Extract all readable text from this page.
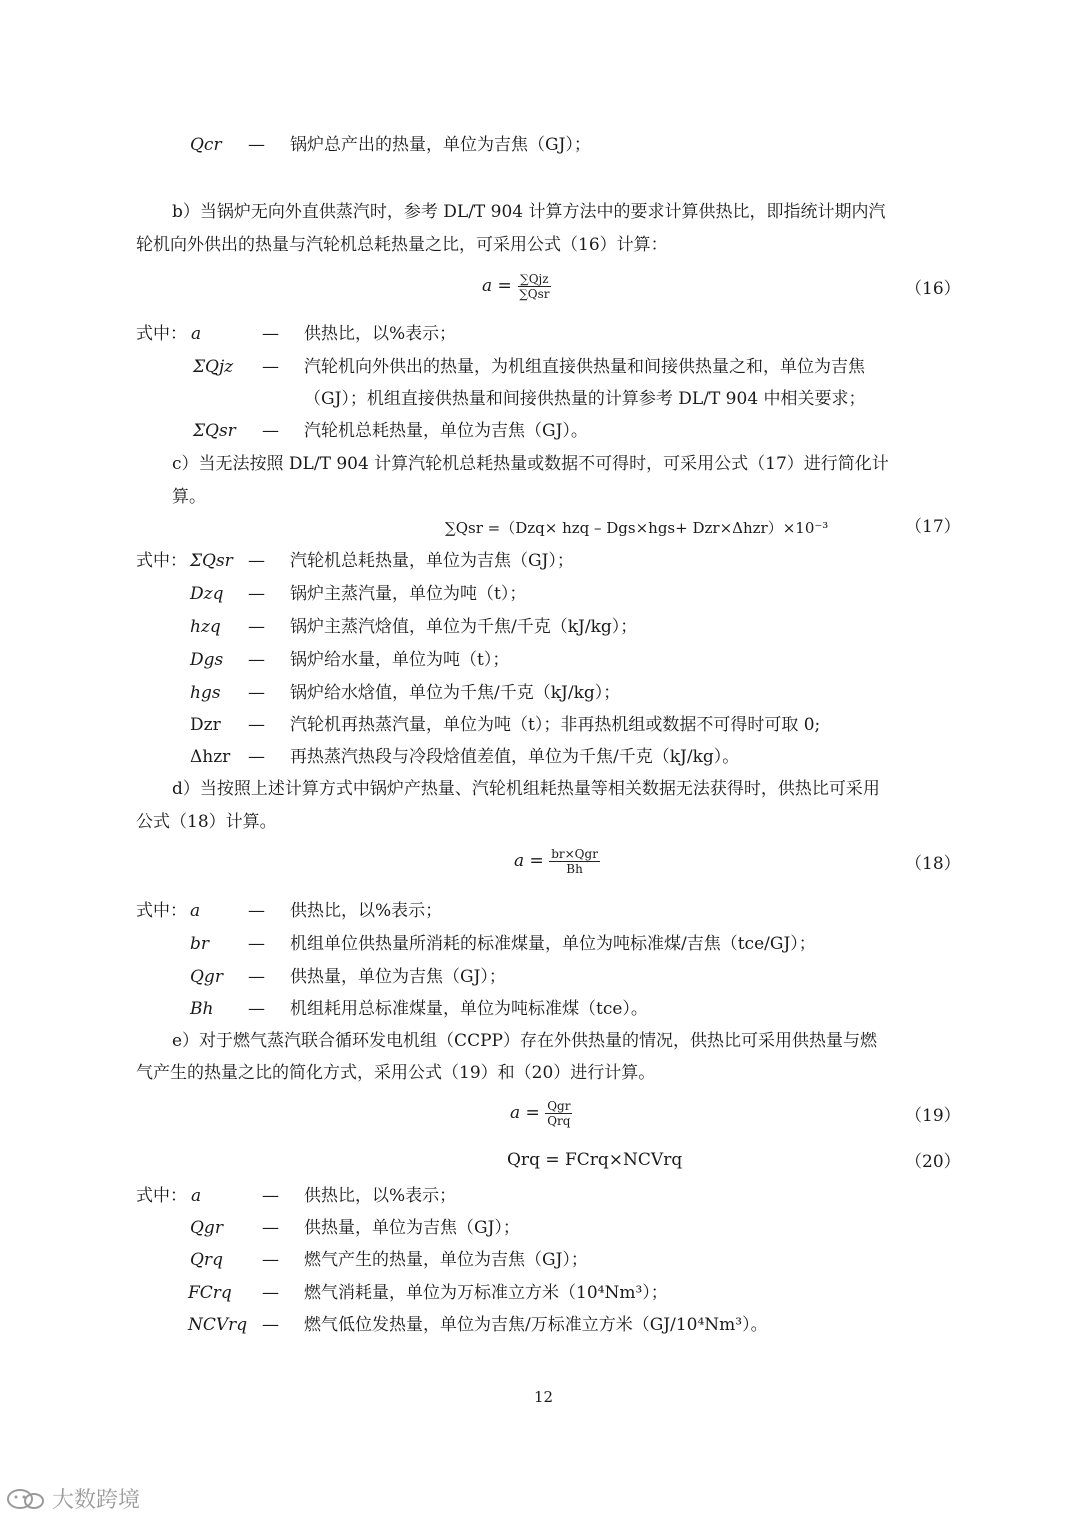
Qcr — 锅炉总产出的热量，单位为吉焦（GJ）；
b）当锅炉无向外直供蒸汽时，参考 DL/T 904 计算方法中的要求计算供热比，即指统计期内汽
轮机向外供出的热量与汽轮机总耗热量之比，可采用公式（16）计算：
$a = \frac{\text{∑Qjz}}{\text{∑Qsr}}$	（16）
式中： a	— 供热比，以%表示；
ΣQjz — 汽轮机向外供出的热量，为机组直接供热量和间接供热量之和，单位为吉焦
（GJ）；机组直接供热量和间接供热量的计算参考 DL/T 904 中相关要求；
ΣQsr — 汽轮机总耗热量，单位为吉焦（GJ）。
c）当无法按照 DL/T 904 计算汽轮机总耗热量或数据不可得时，可采用公式（17）进行简化计
算。
∑Qsr =（Dzq× hzq – Dgs×hgs+ Dzr×Δhzr）×10⁻³	（17）
式中： ΣQsr — 汽轮机总耗热量，单位为吉焦（GJ）；
Dzq — 锅炉主蒸汽量，单位为吨（t）；
hzq — 锅炉主蒸汽焓值，单位为千焦/千克（kJ/kg）；
Dgs — 锅炉给水量，单位为吨（t）；
hgs — 锅炉给水焓值，单位为千焦/千克（kJ/kg）；
Dzr — 汽轮机再热蒸汽量，单位为吨（t）；非再热机组或数据不可得时可取 0;
Δhzr — 再热蒸汽热段与冷段焓值差值，单位为千焦/千克（kJ/kg）。
d）当按照上述计算方式中锅炉产热量、汽轮机组耗热量等相关数据无法获得时，供热比可采用
公式（18）计算。
$a = \frac{\text{br×Qgr}}{Bh}$	（18）
式中： a	— 供热比，以%表示；
br — 机组单位供热量所消耗的标准煤量，单位为吨标准煤/吉焦（tce/GJ）；
Qgr — 供热量，单位为吉焦（GJ）；
Bh — 机组耗用总标准煤量，单位为吨标准煤（tce）。
e）对于燃气蒸汽联合循环发电机组（CCPP）存在外供热量的情况，供热比可采用供热量与燃
气产生的热量之比的简化方式，采用公式（19）和（20）进行计算。
$a = \frac{\text{Qgr}}{\text{Qrq}}$	（19）
Qrq = FCrq×NCVrq	（20）
式中： a	— 供热比，以%表示；
Qgr — 供热量，单位为吉焦（GJ）；
Qrq — 燃气产生的热量，单位为吉焦（GJ）；
FCrq — 燃气消耗量，单位为万标准立方米（10⁴Nm³）；
NCVrq — 燃气低位发热量，单位为吉焦/万标准立方米（GJ/10⁴Nm³）。
12
大数跨境
